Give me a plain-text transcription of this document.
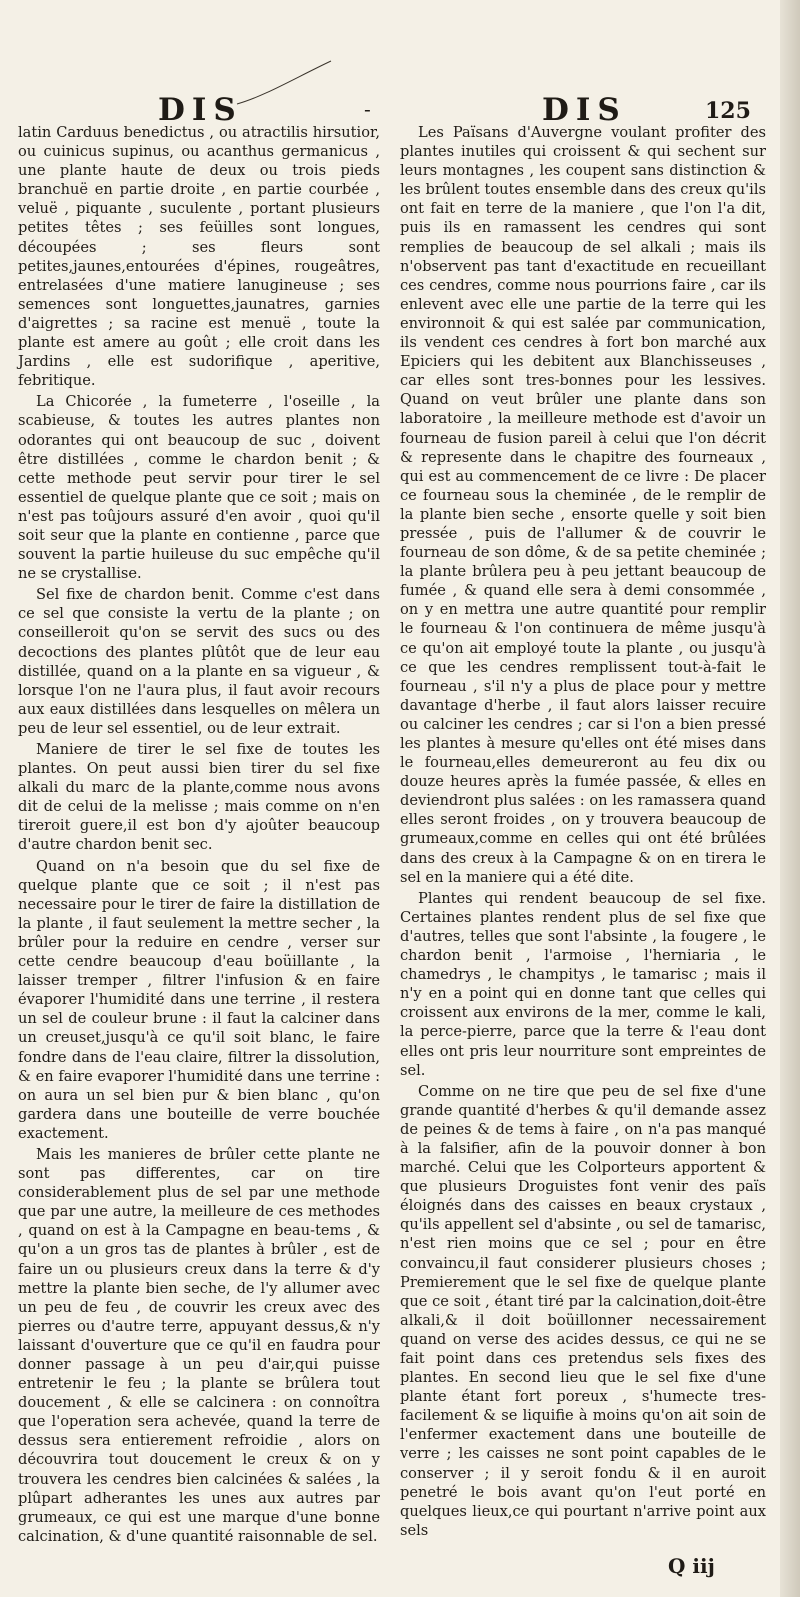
DIS	-	DIS	125

latin Carduus benedictus , ou atractilis hirsutior, ou cuinicus supinus, ou acanthus germanicus , une plante haute de deux ou trois pieds branchuë en partie droite , en partie courbée , veluë , piquante , suculente , portant plusieurs petites têtes ; ses feüilles sont longues, découpées ; ses fleurs sont petites,jaunes,entourées d'épines, rougeâtres, entrelasées d'une matiere lanugineuse ; ses semences sont longuettes,jaunatres, garnies d'aigrettes ; sa racine est menuë , toute la plante est amere au goût ; elle croit dans les Jardins , elle est sudorifique , aperitive, febritique.

La Chicorée , la fumeterre , l'oseille , la scabieuse, & toutes les autres plantes non odorantes qui ont beaucoup de suc , doivent être distillées , comme le chardon benit ; & cette methode peut servir pour tirer le sel essentiel de quelque plante que ce soit ; mais on n'est pas toûjours assuré d'en avoir , quoi qu'il soit seur que la plante en contienne , parce que souvent la partie huileuse du suc empêche qu'il ne se crystallise.

Sel fixe de chardon benit. Comme c'est dans ce sel que consiste la vertu de la plante ; on conseilleroit qu'on se servit des sucs ou des decoctions des plantes plûtôt que de leur eau distillée, quand on a la plante en sa vigueur , & lorsque l'on ne l'aura plus, il faut avoir recours aux eaux distillées dans lesquelles on mêlera un peu de leur sel essentiel, ou de leur extrait.

Maniere de tirer le sel fixe de toutes les plantes. On peut aussi bien tirer du sel fixe alkali du marc de la plante,comme nous avons dit de celui de la melisse ; mais comme on n'en tireroit guere,il est bon d'y ajoûter beaucoup d'autre chardon benit sec.

Quand on n'a besoin que du sel fixe de quelque plante que ce soit ; il n'est pas necessaire pour le tirer de faire la distillation de la plante , il faut seulement la mettre secher , la brûler pour la reduire en cendre , verser sur cette cendre beaucoup d'eau boüillante , la laisser tremper , filtrer l'infusion & en faire évaporer l'humidité dans une terrine , il restera un sel de couleur brune : il faut la calciner dans un creuset,jusqu'à ce qu'il soit blanc, le faire fondre dans de l'eau claire, filtrer la dissolution, & en faire evaporer l'humidité dans une terrine : on aura un sel bien pur & bien blanc , qu'on gardera dans une bouteille de verre bouchée exactement.

Mais les manieres de brûler cette plante ne sont pas differentes, car on tire considerablement plus de sel par une methode que par une autre, la meilleure de ces methodes , quand on est à la Campagne en beau-tems , & qu'on a un gros tas de plantes à brûler , est de faire un ou plusieurs creux dans la terre & d'y mettre la plante bien seche, de l'y allumer avec un peu de feu , de couvrir les creux avec des pierres ou d'autre terre, appuyant dessus,& n'y laissant d'ouverture que ce qu'il en faudra pour donner passage à un peu d'air,qui puisse entretenir le feu ; la plante se brûlera tout doucement , & elle se calcinera : on connoîtra que l'operation sera achevée, quand la terre de dessus sera entierement refroidie , alors on découvrira tout doucement le creux & on y trouvera les cendres bien calcinées & salées , la plûpart adherantes les unes aux autres par grumeaux, ce qui est une marque d'une bonne calcination, & d'une quantité raisonnable de sel.

Les Païsans d'Auvergne voulant profiter des plantes inutiles qui croissent & qui sechent sur leurs montagnes , les coupent sans distinction & les brûlent toutes ensemble dans des creux qu'ils ont fait en terre de la maniere , que l'on l'a dit, puis ils en ramassent les cendres qui sont remplies de beaucoup de sel alkali ; mais ils n'observent pas tant d'exactitude en recueillant ces cendres, comme nous pourrions faire , car ils enlevent avec elle une partie de la terre qui les environnoit & qui est salée par communication, ils vendent ces cendres à fort bon marché aux Epiciers qui les debitent aux Blanchisseuses , car elles sont tres-bonnes pour les lessives. Quand on veut brûler une plante dans son laboratoire , la meilleure methode est d'avoir un fourneau de fusion pareil à celui que l'on décrit & represente dans le chapitre des fourneaux , qui est au commencement de ce livre : De placer ce fourneau sous la cheminée , de le remplir de la plante bien seche , ensorte quelle y soit bien pressée , puis de l'allumer & de couvrir le fourneau de son dôme, & de sa petite cheminée ; la plante brûlera peu à peu jettant beaucoup de fumée , & quand elle sera à demi consommée , on y en mettra une autre quantité pour remplir le fourneau & l'on continuera de même jusqu'à ce qu'on ait employé toute la plante , ou jusqu'à ce que les cendres remplissent tout-à-fait le fourneau , s'il n'y a plus de place pour y mettre davantage d'herbe , il faut alors laisser recuire ou calciner les cendres ; car si l'on a bien pressé les plantes à mesure qu'elles ont été mises dans le fourneau,elles demeureront au feu dix ou douze heures après la fumée passée, & elles en deviendront plus salées : on les ramassera quand elles seront froides , on y trouvera beaucoup de grumeaux,comme en celles qui ont été brûlées dans des creux à la Campagne & on en tirera le sel en la maniere qui a été dite.

Plantes qui rendent beaucoup de sel fixe. Certaines plantes rendent plus de sel fixe que d'autres, telles que sont l'absinte , la fougere , le chardon benit , l'armoise , l'herniaria , le chamedrys , le champitys , le tamarisc ; mais il n'y en a point qui en donne tant que celles qui croissent aux environs de la mer, comme le kali, la perce-pierre, parce que la terre & l'eau dont elles ont pris leur nourriture sont empreintes de sel.

Comme on ne tire que peu de sel fixe d'une grande quantité d'herbes & qu'il demande assez de peines & de tems à faire , on n'a pas manqué à la falsifier, afin de la pouvoir donner à bon marché. Celui que les Colporteurs apportent & que plusieurs Droguistes font venir des païs éloignés dans des caisses en beaux crystaux , qu'ils appellent sel d'absinte , ou sel de tamarisc, n'est rien moins que ce sel ; pour en être convaincu,il faut considerer plusieurs choses ; Premierement que le sel fixe de quelque plante que ce soit , étant tiré par la calcination,doit-être alkali,& il doit boüillonner necessairement quand on verse des acides dessus, ce qui ne se fait point dans ces pretendus sels fixes des plantes. En second lieu que le sel fixe d'une plante étant fort poreux , s'humecte tres-facilement & se liquifie à moins qu'on ait soin de l'enfermer exactement dans une bouteille de verre ; les caisses ne sont point capables de le conserver ; il y seroit fondu & il en auroit penetré le bois avant qu'on l'eut porté en quelques lieux,ce qui pourtant n'arrive point aux sels

Q iij
